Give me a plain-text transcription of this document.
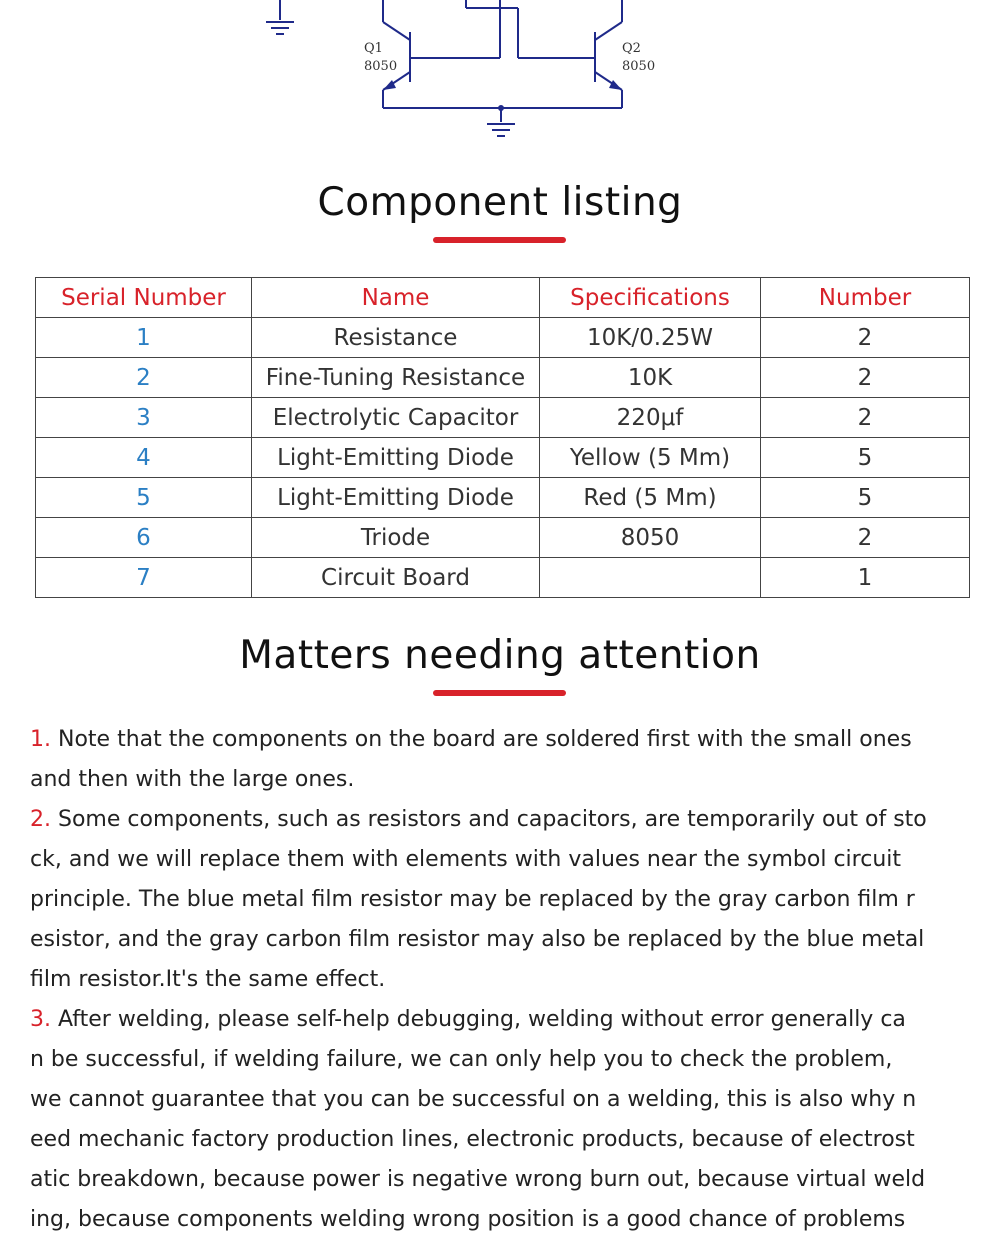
Q1
8050
Q2
8050
Component listing
Serial Number	Name	Specifications	Number
1	Resistance	10K/0.25W	2
2	Fine-Tuning Resistance	10K	2
3	Electrolytic Capacitor	220μf	2
4	Light-Emitting Diode	Yellow (5 Mm)	5
5	Light-Emitting Diode	Red (5 Mm)	5
6	Triode	8050	2
7	Circuit Board		1
Matters needing attention
1. Note that the components on the board are soldered first with the small ones
and then with the large ones.
2. Some components, such as resistors and capacitors, are temporarily out of sto
ck, and we will replace them with elements with values near the symbol circuit
principle. The blue metal film resistor may be replaced by the gray carbon film r
esistor, and the gray carbon film resistor may also be replaced by the blue metal
film resistor.It's the same effect.
3. After welding, please self-help debugging, welding without error generally ca
n be successful, if welding failure, we can only help you to check the problem,
we cannot guarantee that you can be successful on a welding, this is also why n
eed mechanic factory production lines, electronic products, because of electrost
atic breakdown, because power is negative wrong burn out, because virtual weld
ing, because components welding wrong position is a good chance of problems
